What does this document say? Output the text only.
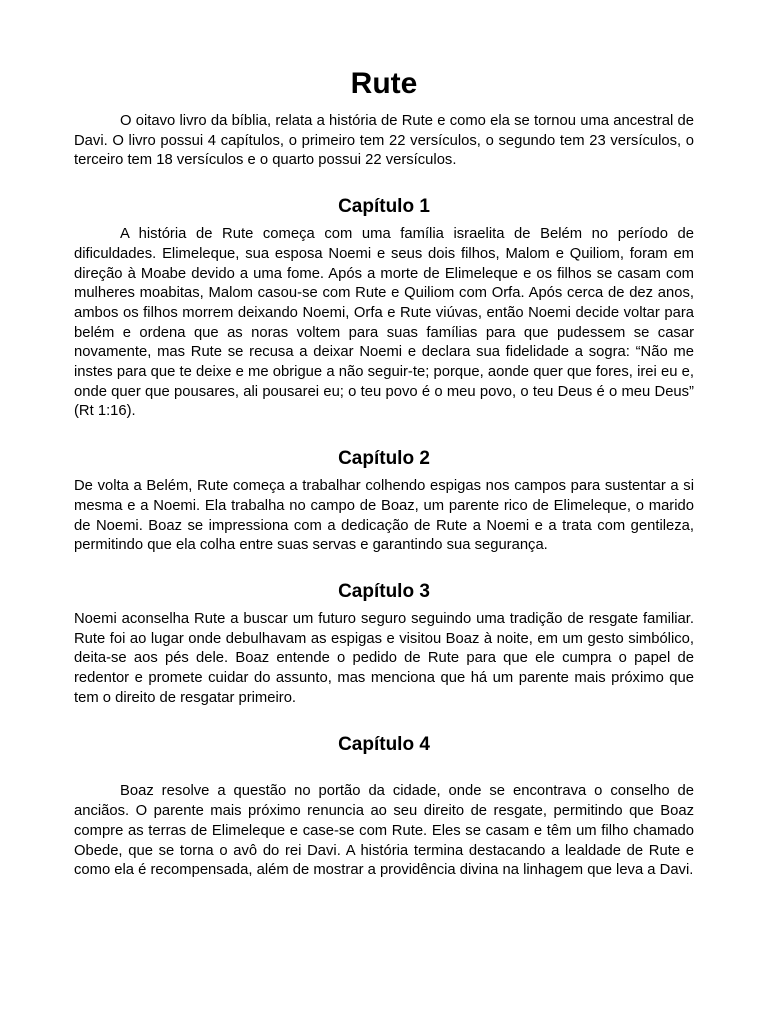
Rute

O oitavo livro da bíblia, relata a história de Rute e como ela se tornou uma ancestral de Davi. O livro possui 4 capítulos, o primeiro tem 22 versículos, o segundo tem 23 versículos, o terceiro tem 18 versículos e o quarto possui 22 versículos.

Capítulo 1

A história de Rute começa com uma família israelita de Belém no período de dificuldades. Elimeleque, sua esposa Noemi e seus dois filhos, Malom e Quiliom, foram em direção à Moabe devido a uma fome. Após a morte de Elimeleque e os filhos se casam com mulheres moabitas, Malom casou-se com Rute e Quiliom com Orfa. Após cerca de dez anos, ambos os filhos morrem deixando Noemi, Orfa e Rute viúvas, então Noemi decide voltar para belém e ordena que as noras voltem para suas famílias para que pudessem se casar novamente, mas Rute se recusa a deixar Noemi e declara sua fidelidade a sogra: “Não me instes para que te deixe e me obrigue a não seguir-te; porque, aonde quer que fores, irei eu e, onde quer que pousares, ali pousarei eu; o teu povo é o meu povo, o teu Deus é o meu Deus” (Rt 1:16).

Capítulo 2

De volta a Belém, Rute começa a trabalhar colhendo espigas nos campos para sustentar a si mesma e a Noemi. Ela trabalha no campo de Boaz, um parente rico de Elimeleque, o marido de Noemi. Boaz se impressiona com a dedicação de Rute a Noemi e a trata com gentileza, permitindo que ela colha entre suas servas e garantindo sua segurança.

Capítulo 3

Noemi aconselha Rute a buscar um futuro seguro seguindo uma tradição de resgate familiar. Rute foi ao lugar onde debulhavam as espigas e visitou Boaz à noite, em um gesto simbólico, deita-se aos pés dele. Boaz entende o pedido de Rute para que ele cumpra o papel de redentor e promete cuidar do assunto, mas menciona que há um parente mais próximo que tem o direito de resgatar primeiro.

Capítulo 4

Boaz resolve a questão no portão da cidade, onde se encontrava o conselho de anciãos. O parente mais próximo renuncia ao seu direito de resgate, permitindo que Boaz compre as terras de Elimeleque e case-se com Rute. Eles se casam e têm um filho chamado Obede, que se torna o avô do rei Davi. A história termina destacando a lealdade de Rute e como ela é recompensada, além de mostrar a providência divina na linhagem que leva a Davi.
